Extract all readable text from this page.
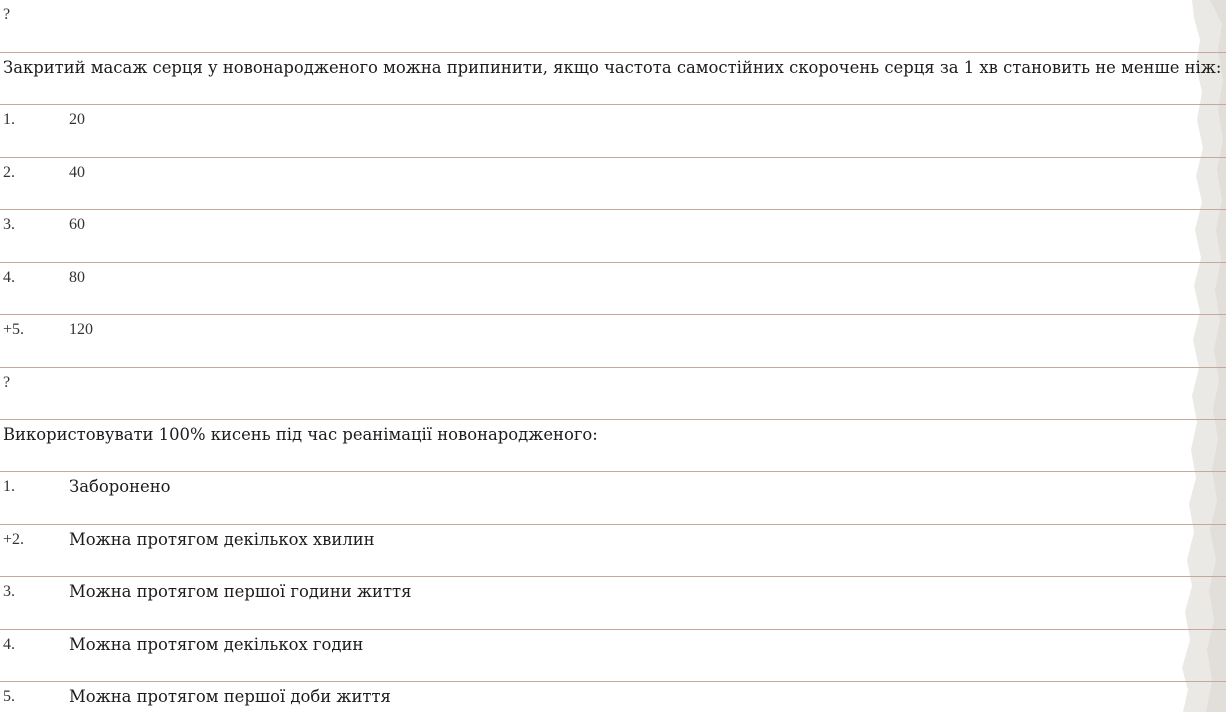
?
Закритий масаж серця у новонародженого можна припинити, якщо частота самостійних скорочень серця за 1 хв становить не менше ніж:
1.	20
2.	40
3.	60
4.	80
+5.	120
?
Використовувати 100% кисень під час реанімації новонародженого:
1.	Заборонено
+2.	Можна протягом декількох хвилин
3.	Можна протягом першої години життя
4.	Можна протягом декількох годин
5.	Можна протягом першої доби життя
